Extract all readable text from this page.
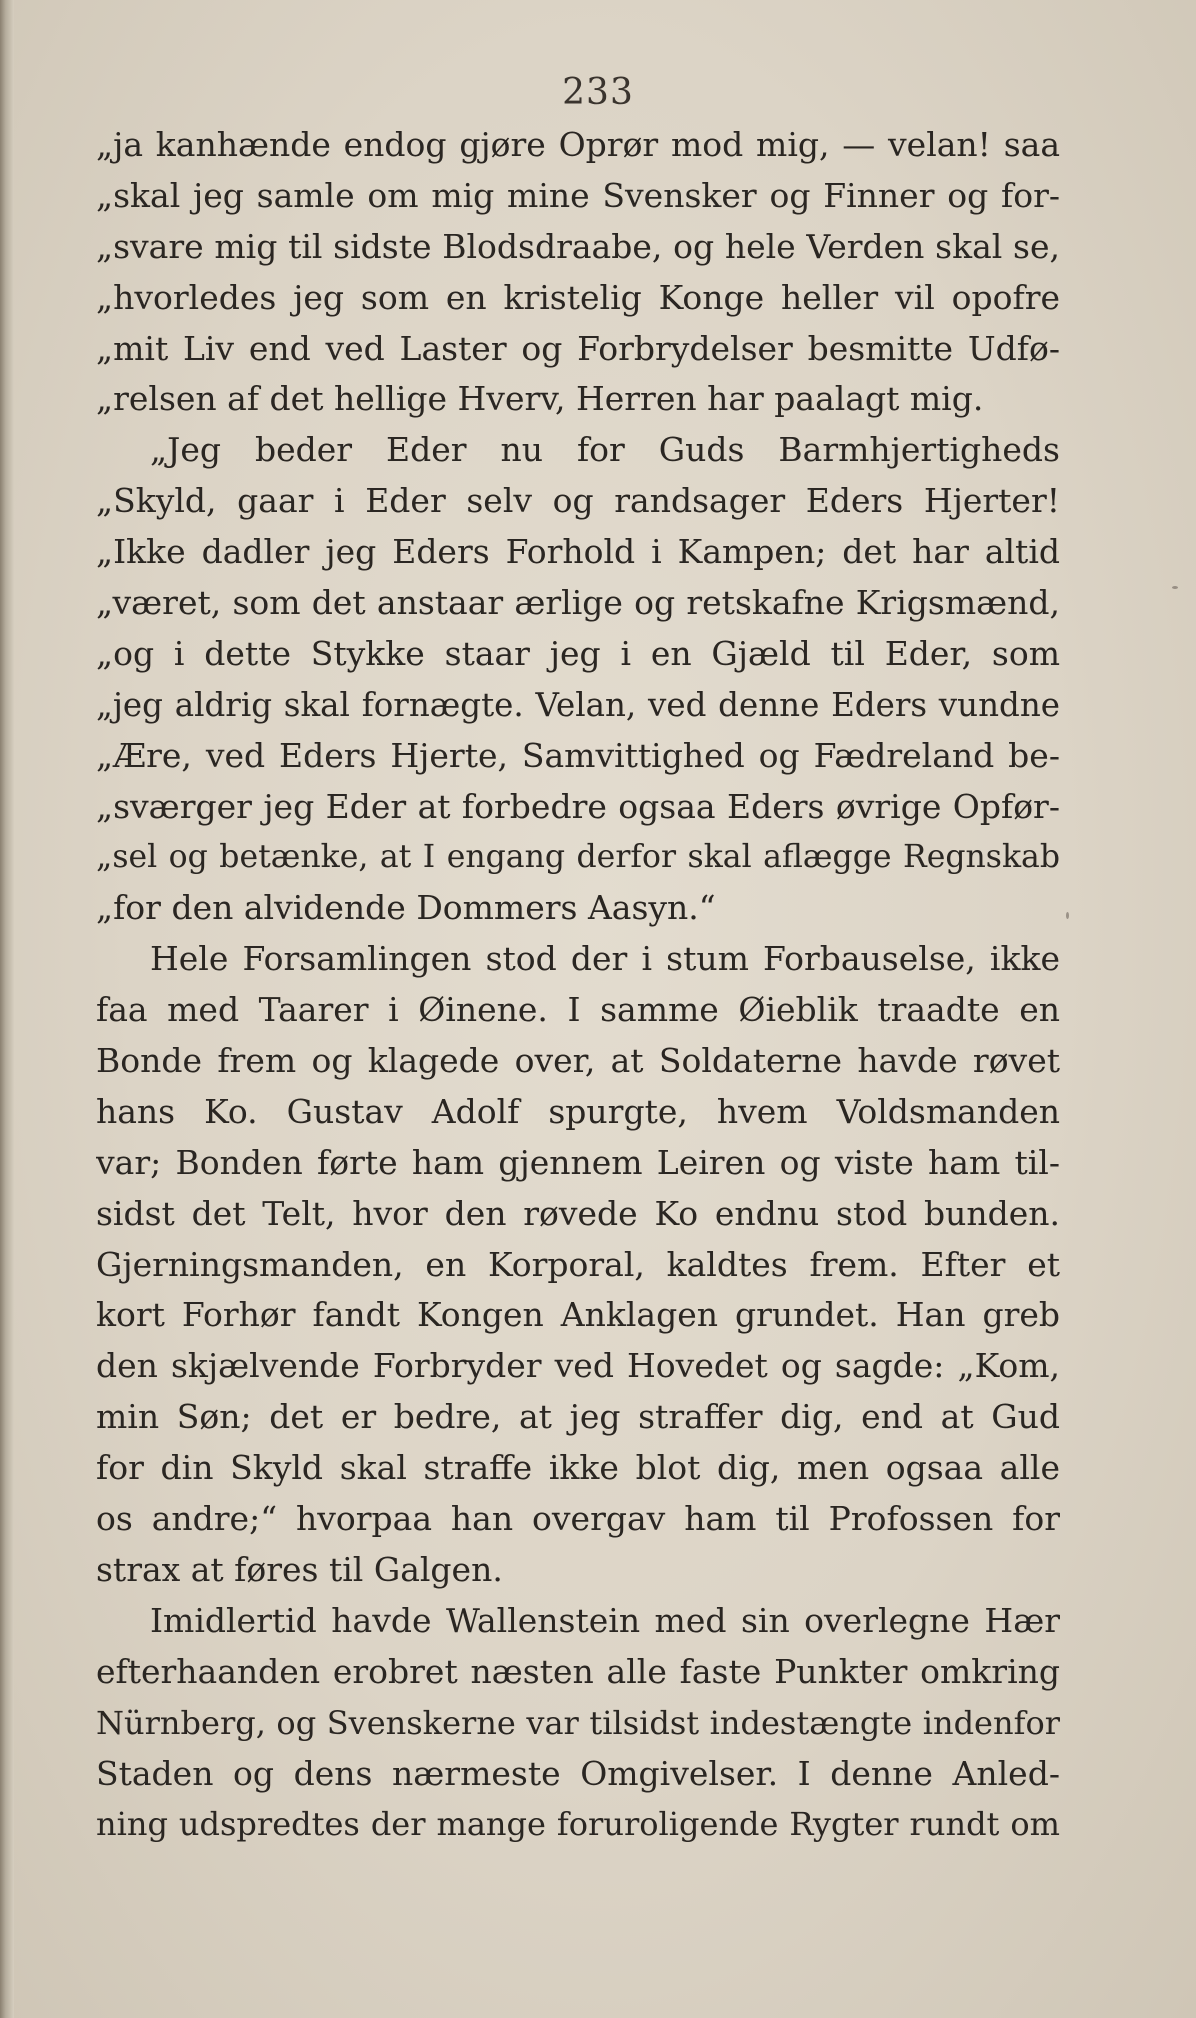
233
„ja kanhænde endog gjøre Oprør mod mig, — velan! saa
„skal jeg samle om mig mine Svensker og Finner og for-
„svare mig til sidste Blodsdraabe, og hele Verden skal se,
„hvorledes jeg som en kristelig Konge heller vil opofre
„mit Liv end ved Laster og Forbrydelser besmitte Udfø-
„relsen af det hellige Hverv, Herren har paalagt mig.
„Jeg beder Eder nu for Guds Barmhjertigheds
„Skyld, gaar i Eder selv og randsager Eders Hjerter!
„Ikke dadler jeg Eders Forhold i Kampen; det har altid
„været, som det anstaar ærlige og retskafne Krigsmænd,
„og i dette Stykke staar jeg i en Gjæld til Eder, som
„jeg aldrig skal fornægte. Velan, ved denne Eders vundne
„Ære, ved Eders Hjerte, Samvittighed og Fædreland be-
„sværger jeg Eder at forbedre ogsaa Eders øvrige Opfør-
„sel og betænke, at I engang derfor skal aflægge Regnskab
„for den alvidende Dommers Aasyn.“
Hele Forsamlingen stod der i stum Forbauselse, ikke
faa med Taarer i Øinene. I samme Øieblik traadte en
Bonde frem og klagede over, at Soldaterne havde røvet
hans Ko. Gustav Adolf spurgte, hvem Voldsmanden
var; Bonden førte ham gjennem Leiren og viste ham til-
sidst det Telt, hvor den røvede Ko endnu stod bunden.
Gjerningsmanden, en Korporal, kaldtes frem. Efter et
kort Forhør fandt Kongen Anklagen grundet. Han greb
den skjælvende Forbryder ved Hovedet og sagde: „Kom,
min Søn; det er bedre, at jeg straffer dig, end at Gud
for din Skyld skal straffe ikke blot dig, men ogsaa alle
os andre;“ hvorpaa han overgav ham til Profossen for
strax at føres til Galgen.
Imidlertid havde Wallenstein med sin overlegne Hær
efterhaanden erobret næsten alle faste Punkter omkring
Nürnberg, og Svenskerne var tilsidst indestængte indenfor
Staden og dens nærmeste Omgivelser. I denne Anled-
ning udspredtes der mange foruroligende Rygter rundt om
